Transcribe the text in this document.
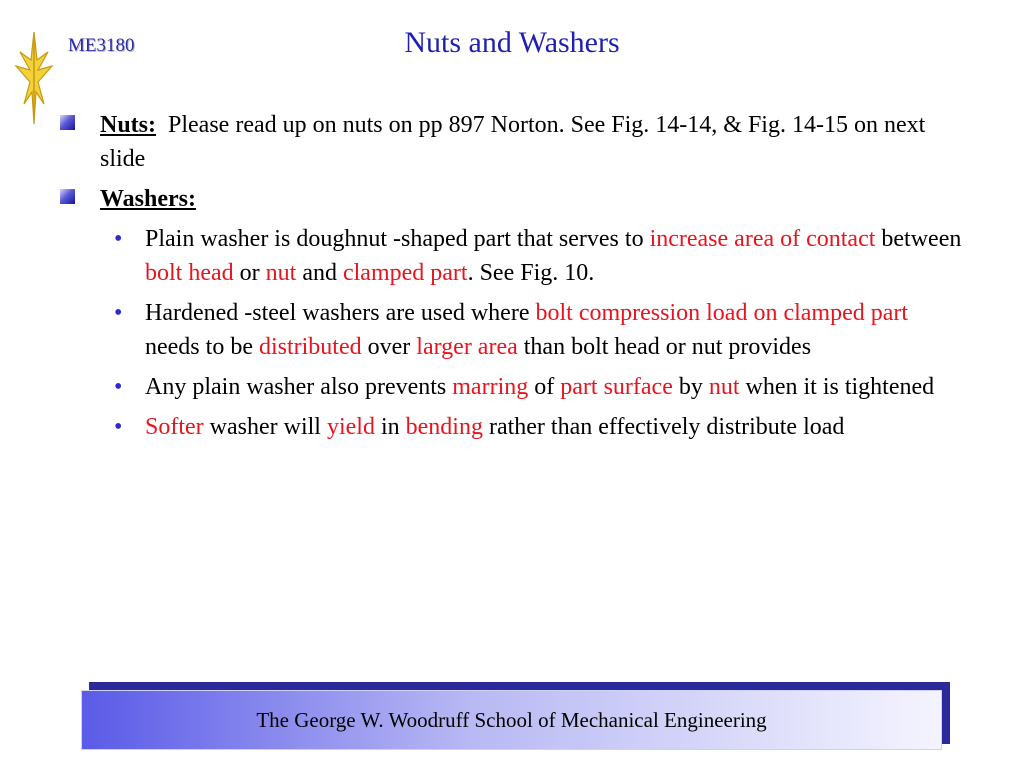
ME3180	Nuts and Washers
Nuts:  Please read up on nuts on pp 897 Norton. See Fig. 14-14, & Fig. 14-15 on next slide
Washers:
• Plain washer is doughnut -shaped part that serves to increase area of contact between  bolt head or nut and clamped part. See Fig. 10.
• Hardened -steel washers are used where bolt compression load on clamped part needs to be distributed over larger area than bolt head or nut provides
• Any plain washer also prevents marring of part surface by nut when it is tightened
• Softer washer will yield in bending rather than effectively distribute load
The George W. Woodruff School of Mechanical Engineering
